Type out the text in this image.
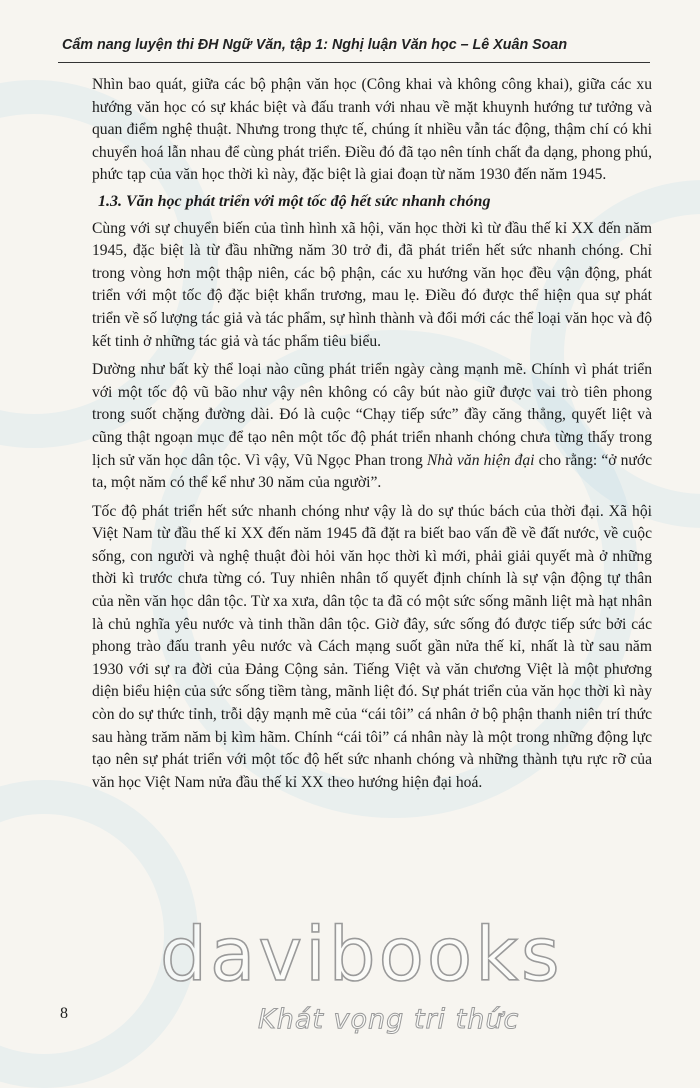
Cẩm nang luyện thi ĐH Ngữ Văn, tập 1: Nghị luận Văn học – Lê Xuân Soan

Nhìn bao quát, giữa các bộ phận văn học (Công khai và không công khai), giữa các xu hướng văn học có sự khác biệt và đấu tranh với nhau về mặt khuynh hướng tư tưởng và quan điểm nghệ thuật. Nhưng trong thực tế, chúng ít nhiều vẫn tác động, thậm chí có khi chuyển hoá lẫn nhau để cùng phát triển. Điều đó đã tạo nên tính chất đa dạng, phong phú, phức tạp của văn học thời kì này, đặc biệt là giai đoạn từ năm 1930 đến năm 1945.

1.3. Văn học phát triển với một tốc độ hết sức nhanh chóng

Cùng với sự chuyển biến của tình hình xã hội, văn học thời kì từ đầu thế kỉ XX đến năm 1945, đặc biệt là từ đầu những năm 30 trở đi, đã phát triển hết sức nhanh chóng. Chỉ trong vòng hơn một thập niên, các bộ phận, các xu hướng văn học đều vận động, phát triển với một tốc độ đặc biệt khẩn trương, mau lẹ. Điều đó được thể hiện qua sự phát triển về số lượng tác giả và tác phẩm, sự hình thành và đổi mới các thể loại văn học và độ kết tinh ở những tác giả và tác phẩm tiêu biểu.

Dường như bất kỳ thể loại nào cũng phát triển ngày càng mạnh mẽ. Chính vì phát triển với một tốc độ vũ bão như vậy nên không có cây bút nào giữ được vai trò tiên phong trong suốt chặng đường dài. Đó là cuộc “Chạy tiếp sức” đầy căng thẳng, quyết liệt và cũng thật ngoạn mục để tạo nên một tốc độ phát triển nhanh chóng chưa từng thấy trong lịch sử văn học dân tộc. Vì vậy, Vũ Ngọc Phan trong Nhà văn hiện đại cho rằng: “ở nước ta, một năm có thể kể như 30 năm của người”.

Tốc độ phát triển hết sức nhanh chóng như vậy là do sự thúc bách của thời đại. Xã hội Việt Nam từ đầu thế kỉ XX đến năm 1945 đã đặt ra biết bao vấn đề về đất nước, về cuộc sống, con người và nghệ thuật đòi hỏi văn học thời kì mới, phải giải quyết mà ở những thời kì trước chưa từng có. Tuy nhiên nhân tố quyết định chính là sự vận động tự thân của nền văn học dân tộc. Từ xa xưa, dân tộc ta đã có một sức sống mãnh liệt mà hạt nhân là chủ nghĩa yêu nước và tinh thần dân tộc. Giờ đây, sức sống đó được tiếp sức bởi các phong trào đấu tranh yêu nước và Cách mạng suốt gần nửa thế kỉ, nhất là từ sau năm 1930 với sự ra đời của Đảng Cộng sản. Tiếng Việt và văn chương Việt là một phương diện biểu hiện của sức sống tiềm tàng, mãnh liệt đó. Sự phát triển của văn học thời kì này còn do sự thức tỉnh, trỗi dậy mạnh mẽ của “cái tôi” cá nhân ở bộ phận thanh niên trí thức sau hàng trăm năm bị kìm hãm. Chính “cái tôi” cá nhân này là một trong những động lực tạo nên sự phát triển với một tốc độ hết sức nhanh chóng và những thành tựu rực rỡ của văn học Việt Nam nửa đầu thế kỉ XX theo hướng hiện đại hoá.

8
davibooks
Khát vọng tri thức
